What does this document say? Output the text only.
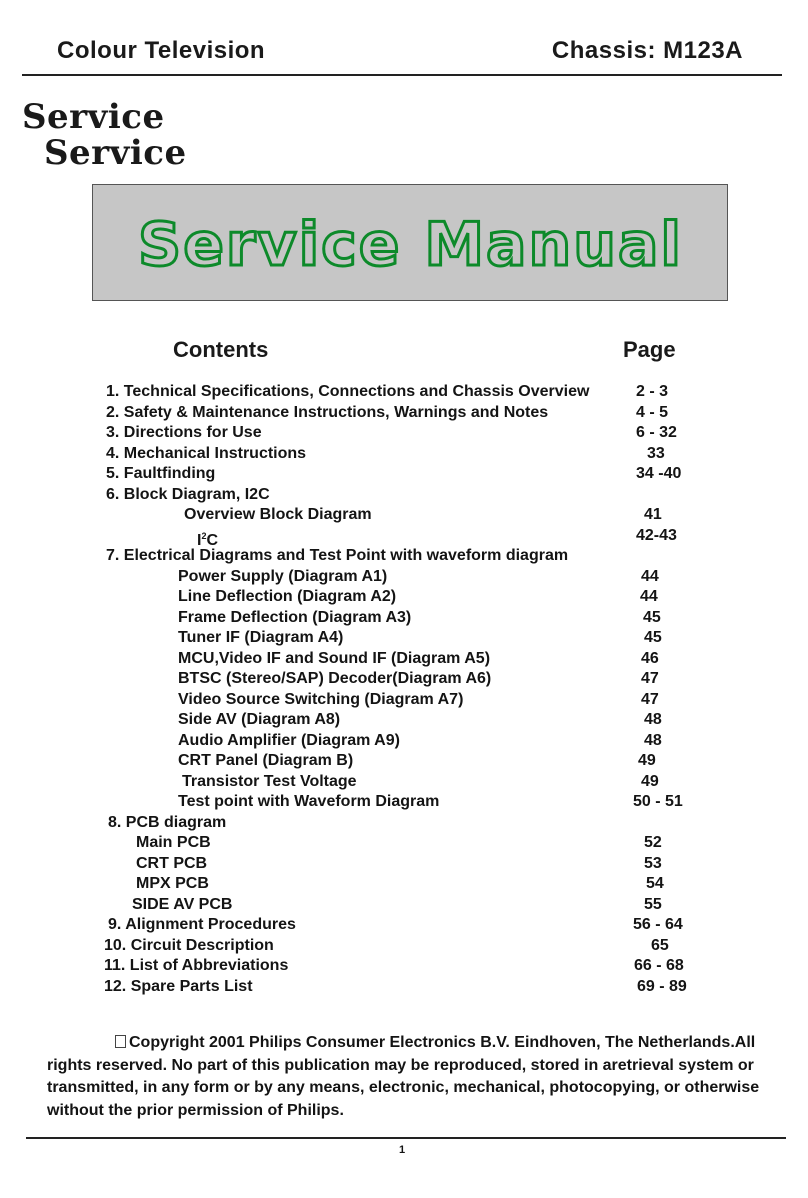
Colour Television	Chassis: M123A
Service
Service
Service Manual
Contents	Page
1. Technical Specifications, Connections and Chassis Overview	2 - 3
2. Safety & Maintenance Instructions, Warnings and Notes	4 - 5
3. Directions for Use	6 - 32
4. Mechanical Instructions	33
5. Faultfinding	34 -40
6. Block Diagram, I2C
Overview Block Diagram	41
$I^2C$	42-43
7. Electrical Diagrams and Test Point with waveform diagram
Power Supply (Diagram A1)	44
Line Deflection (Diagram A2)	44
Frame Deflection (Diagram A3)	45
Tuner IF (Diagram A4)	45
MCU,Video IF and Sound IF (Diagram A5)	46
BTSC (Stereo/SAP) Decoder(Diagram A6)	47
Video Source Switching (Diagram A7)	47
Side AV (Diagram A8)	48
Audio Amplifier (Diagram A9)	48
CRT Panel (Diagram B)	49
Transistor Test Voltage	49
Test point with Waveform Diagram	50 - 51
8. PCB diagram
Main PCB	52
CRT PCB	53
MPX PCB	54
SIDE AV PCB	55
9. Alignment Procedures	56 - 64
10. Circuit Description	65
11. List of Abbreviations	66 - 68
12. Spare Parts List	69 - 89
Copyright 2001 Philips Consumer Electronics B.V. Eindhoven, The Netherlands.All
rights reserved. No part of this publication may be reproduced, stored in aretrieval system or transmitted, in any form or by any means, electronic, mechanical, photocopying, or otherwise without the prior permission of Philips.
1
